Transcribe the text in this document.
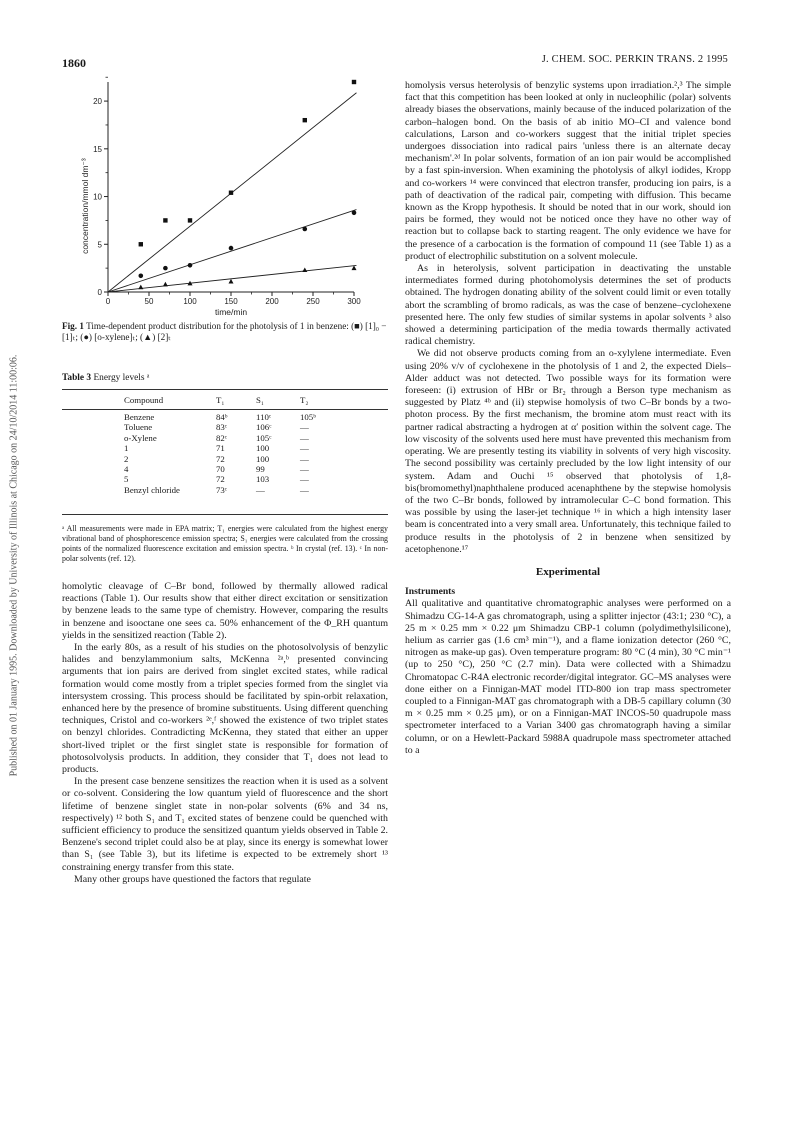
1860	J. CHEM. SOC. PERKIN TRANS. 2 1995
Published on 01 January 1995. Downloaded by University of Illinois at Chicago on 24/10/2014 11:00:06.
0	50	100	150	200	250	300
0
5
10
15
20
time/min
concentration/mmol dm⁻³
Fig. 1 Time-dependent product distribution for the photolysis of 1 in benzene: (■) [1]₀ − [1]ₜ; (●) [o-xylene]ₜ; (▲) [2]ₜ
Table 3 Energy levels ᵃ
Compound	T₁	S₁	T₂

Benzene	84ᵇ	110ᶜ	105ᵇ
Toluene	83ᶜ	106ᶜ	—
o-Xylene	82ᶜ	105ᶜ	—
1	71	100	—
2	72	100	—
4	70	99	—
5	72	103	—
Benzyl chloride	73ᶜ	—	—
ᵃ All measurements were made in EPA matrix; T₁ energies were calculated from the highest energy vibrational band of phosphorescence emission spectra; S₁ energies were calculated from the crossing points of the normalized fluorescence excitation and emission spectra. ᵇ In crystal (ref. 13). ᶜ In non-polar solvents (ref. 12).

homolytic cleavage of C–Br bond, followed by thermally allowed radical reactions (Table 1). Our results show that either direct excitation or sensitization by benzene leads to the same type of chemistry. However, comparing the results in benzene and isooctane one sees ca. 50% enhancement of the Φ_RH quantum yields in the sensitized reaction (Table 2).

In the early 80s, as a result of his studies on the photosolvolysis of benzylic halides and benzylammonium salts, McKenna ²ᵃ,ᵇ presented convincing arguments that ion pairs are derived from singlet excited states, while radical formation would come mostly from a triplet species formed from the singlet via intersystem crossing. This process should be facilitated by spin-orbit relaxation, enhanced here by the presence of bromine substituents. Using different quenching techniques, Cristol and co-workers ²ᵉ,ᶠ showed the existence of two triplet states on benzyl chlorides. Contradicting McKenna, they stated that either an upper short-lived triplet or the first singlet state is responsible for formation of photosolvolysis products. In addition, they consider that T₁ does not lead to products.

In the present case benzene sensitizes the reaction when it is used as a solvent or co-solvent. Considering the low quantum yield of fluorescence and the short lifetime of benzene singlet state in non-polar solvents (6% and 34 ns, respectively) ¹² both S₁ and T₁ excited states of benzene could be quenched with sufficient efficiency to produce the sensitized quantum yields observed in Table 2. Benzene's second triplet could also be at play, since its energy is somewhat lower than S₁ (see Table 3), but its lifetime is expected to be extremely short ¹³ constraining energy transfer from this state.

Many other groups have questioned the factors that regulate

homolysis versus heterolysis of benzylic systems upon irradiation.²,³ The simple fact that this competition has been looked at only in nucleophilic (polar) solvents already biases the observations, mainly because of the induced polarization of the carbon–halogen bond. On the basis of ab initio MO–CI and valence bond calculations, Larson and co-workers suggest that the initial triplet species undergoes dissociation into radical pairs 'unless there is an alternate decay mechanism'.²ᵈ In polar solvents, formation of an ion pair would be accomplished by a fast spin-inversion. When examining the photolysis of alkyl iodides, Kropp and co-workers ¹⁴ were convinced that electron transfer, producing ion pairs, is a path of deactivation of the radical pair, competing with diffusion. This became known as the Kropp hypothesis. It should be noted that in our work, should ion pairs be formed, they would not be noticed once they have no other way of reaction but to collapse back to starting reagent. The only evidence we have for the presence of a carbocation is the formation of compound 11 (see Table 1) as a product of electrophilic substitution on a solvent molecule.

As in heterolysis, solvent participation in deactivating the unstable intermediates formed during photohomolysis determines the set of products obtained. The hydrogen donating ability of the solvent could limit or even totally abort the scrambling of bromo radicals, as was the case of benzene–cyclohexene presented here. The only few studies of similar systems in apolar solvents ³ also showed a determining participation of the media towards thermally activated radical chemistry.

We did not observe products coming from an o-xylylene intermediate. Even using 20% v/v of cyclohexene in the photolysis of 1 and 2, the expected Diels–Alder adduct was not detected. Two possible ways for its formation were foreseen: (i) extrusion of HBr or Br₂ through a Berson type mechanism as suggested by Platz ⁴ᵇ and (ii) stepwise homolysis of two C–Br bonds by a two-photon process. By the first mechanism, the bromine atom must react with its partner radical abstracting a hydrogen at α′ position within the solvent cage. The low viscosity of the solvents used here must have prevented this mechanism from operating. We are presently testing its viability in solvents of very high viscosity. The second possibility was certainly precluded by the low light intensity of our system. Adam and Ouchi ¹⁵ observed that photolysis of 1,8-bis(bromomethyl)naphthalene produced acenaphthene by the stepwise homolysis of the two C–Br bonds, followed by intramolecular C–C bond formation. This was possible by using the laser-jet technique ¹⁶ in which a high intensity laser beam is concentrated into a very small area. Unfortunately, this technique failed to produce results in the photolysis of 2 in benzene when sensitized by acetophenone.¹⁷

Experimental

Instruments

All qualitative and quantitative chromatographic analyses were performed on a Shimadzu CG-14-A gas chromatograph, using a splitter injector (43:1; 230 °C), a 25 m × 0.25 mm × 0.22 μm Shimadzu CBP-1 column (polydimethylsilicone), helium as carrier gas (1.6 cm³ min⁻¹), and a flame ionization detector (260 °C, nitrogen as make-up gas). Oven temperature program: 80 °C (4 min), 30 °C min⁻¹ (up to 250 °C), 250 °C (2.7 min). Data were collected with a Shimadzu Chromatopac C-R4A electronic recorder/digital integrator. GC–MS analyses were done either on a Finnigan-MAT model ITD-800 ion trap mass spectrometer coupled to a Finnigan-MAT gas chromatograph with a DB-5 capillary column (30 m × 0.25 mm × 0.25 μm), or on a Finnigan-MAT INCOS-50 quadrupole mass spectrometer interfaced to a Varian 3400 gas chromatograph having a similar column, or on a Hewlett-Packard 5988A quadrupole mass spectrometer attached to a
